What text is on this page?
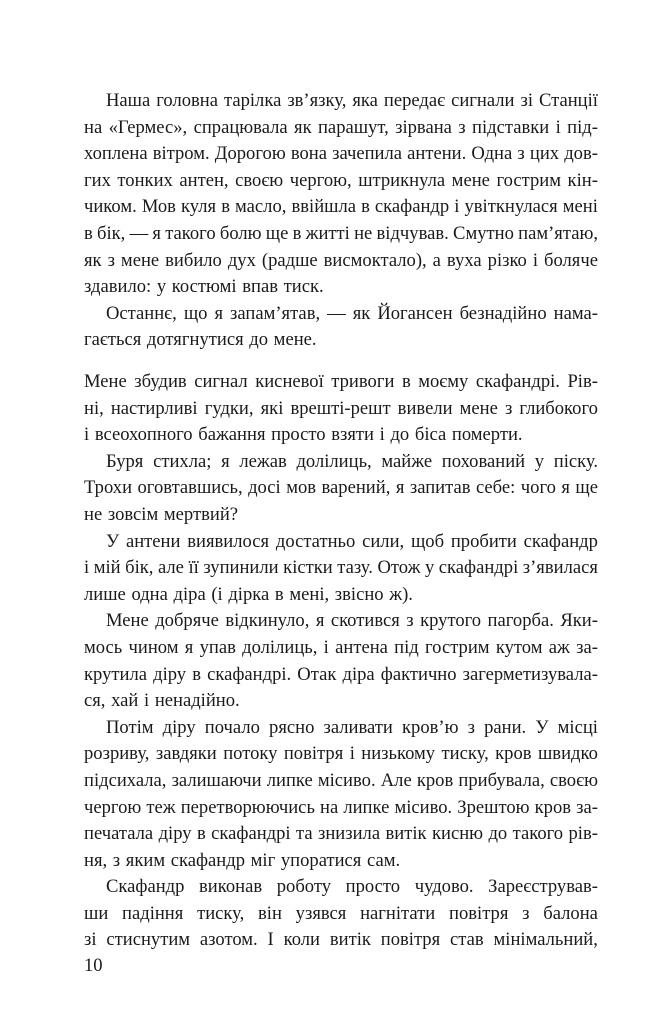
Наша головна тарілка зв’язку, яка передає сигнали зі Станції
на «Гермес», спрацювала як парашут, зірвана з підставки і під-
хоплена вітром. Дорогою вона зачепила антени. Одна з цих дов-
гих тонких антен, своєю чергою, штрикнула мене гострим кін-
чиком. Мов куля в масло, ввійшла в скафандр і увіткнулася мені
в бік, — я такого болю ще в житті не відчував. Смутно пам’ятаю,
як з мене вибило дух (радше висмоктало), а вуха різко і боляче
здавило: у костюмі впав тиск.
Останнє, що я запам’ятав, — як Йогансен безнадійно нама-
гається дотягнутися до мене.
Мене збудив сигнал кисневої тривоги в моєму скафандрі. Рів-
ні, настирливі гудки, які врешті-решт вивели мене з глибокого
і всеохопного бажання просто взяти і до біса померти.
Буря стихла; я лежав долілиць, майже похований у піску.
Трохи оговтавшись, досі мов варений, я запитав себе: чого я ще
не зовсім мертвий?
У антени виявилося достатньо сили, щоб пробити скафандр
і мій бік, але її зупинили кістки тазу. Отож у скафандрі з’явилася
лише одна діра (і дірка в мені, звісно ж).
Мене добряче відкинуло, я скотився з крутого пагорба. Яки-
мось чином я упав долілиць, і антена під гострим кутом аж за-
крутила діру в скафандрі. Отак діра фактично загерметизувала-
ся, хай і ненадійно.
Потім діру почало рясно заливати кров’ю з рани. У місці
розриву, завдяки потоку повітря і низькому тиску, кров швидко
підсихала, залишаючи липке місиво. Але кров прибувала, своєю
чергою теж перетворюючись на липке місиво. Зрештою кров за-
печатала діру в скафандрі та знизила витік кисню до такого рів-
ня, з яким скафандр міг упоратися сам.
Скафандр виконав роботу просто чудово. Зареєстрував-
ши падіння тиску, він узявся нагнітати повітря з балона
зі стиснутим азотом. І коли витік повітря став мінімальний,
10
